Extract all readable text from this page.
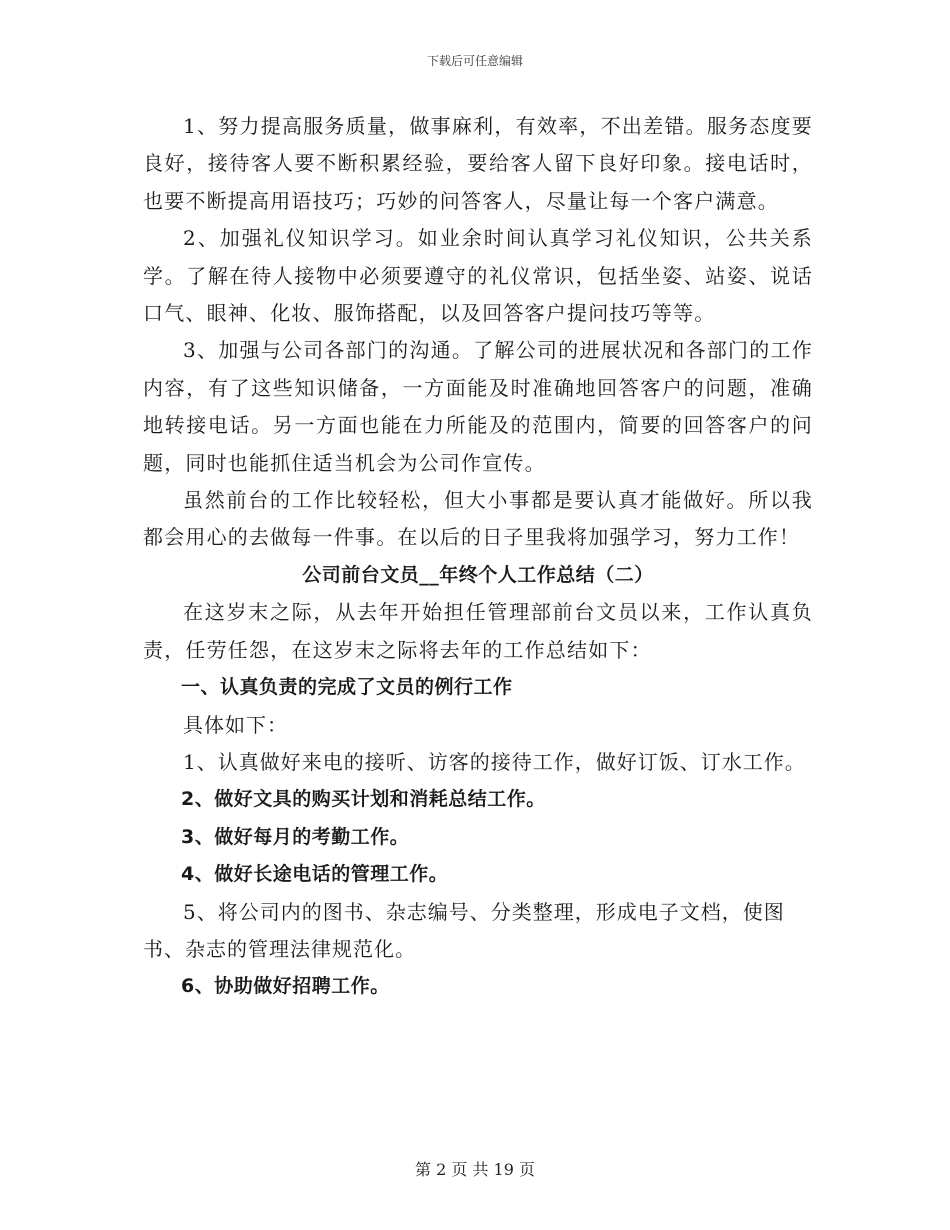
下载后可任意编辑

1、努力提高服务质量，做事麻利，有效率，不出差错。服务态度要良好，接待客人要不断积累经验，要给客人留下良好印象。接电话时，也要不断提高用语技巧；巧妙的问答客人，尽量让每一个客户满意。

2、加强礼仪知识学习。如业余时间认真学习礼仪知识，公共关系学。了解在待人接物中必须要遵守的礼仪常识，包括坐姿、站姿、说话口气、眼神、化妆、服饰搭配，以及回答客户提问技巧等等。

3、加强与公司各部门的沟通。了解公司的进展状况和各部门的工作内容，有了这些知识储备，一方面能及时准确地回答客户的问题，准确地转接电话。另一方面也能在力所能及的范围内，简要的回答客户的问题，同时也能抓住适当机会为公司作宣传。

虽然前台的工作比较轻松，但大小事都是要认真才能做好。所以我都会用心的去做每一件事。在以后的日子里我将加强学习，努力工作！

公司前台文员__年终个人工作总结（二）

在这岁末之际，从去年开始担任管理部前台文员以来，工作认真负责，任劳任怨，在这岁末之际将去年的工作总结如下：

一、认真负责的完成了文员的例行工作

具体如下：

1、认真做好来电的接听、访客的接待工作，做好订饭、订水工作。

2、做好文具的购买计划和消耗总结工作。

3、做好每月的考勤工作。

4、做好长途电话的管理工作。

5、将公司内的图书、杂志编号、分类整理，形成电子文档，使图书、杂志的管理法律规范化。

6、协助做好招聘工作。

第 2 页 共 19 页
